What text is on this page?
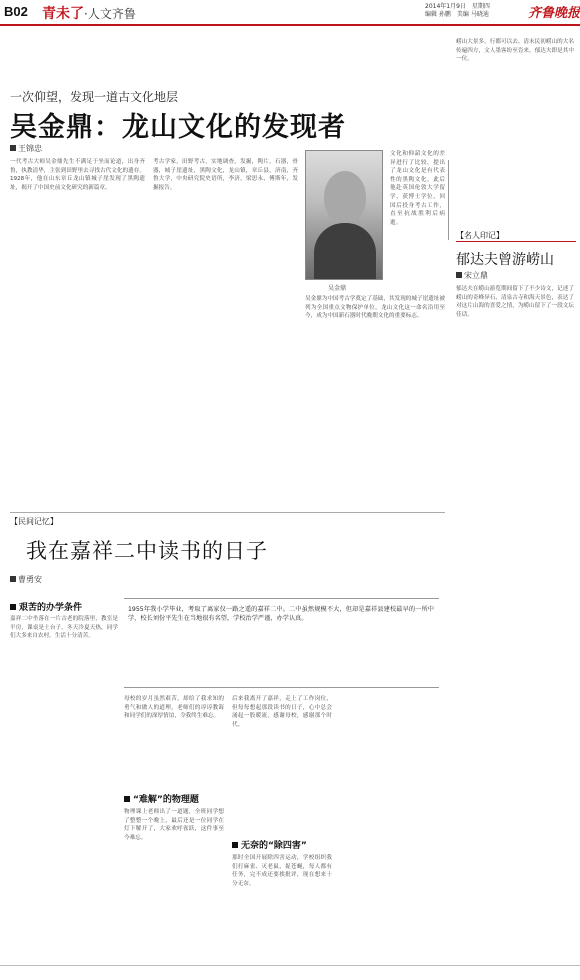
B02 青未了·人文齐鲁
2014年1月9日　星期四
编辑 孙鹏　美编 马晓迪	齐鲁晚报
一次仰望，发现一道古文化地层
吴金鼎：龙山文化的发现者
王锦忠
一代考古大师吴金鼎先生不满足于坐而论道，出身齐鲁，执教清华，主张到田野里去寻找古代文化的遗存。1928年，他在山东章丘龙山镇城子崖发现了黑陶遗址，揭开了中国史前文化研究的新篇章。
考古学家，田野考古，实地调查，发掘，陶片，石器，骨器，城子崖遗址，黑陶文化，龙山镇，章丘县，济南，齐鲁大学，中央研究院史语所，李济，梁思永，傅斯年，发掘报告。
吴金鼎
吴金鼎为中国考古学奠定了基础，其发现的城子崖遗址被列为全国重点文物保护单位，龙山文化这一命名沿用至今，成为中国新石器时代晚期文化的重要标志。
文化和仰韶文化的差异进行了比较，提出了龙山文化是有代表性的黑陶文化。此后他赴英国伦敦大学留学，获博士学位，回国后投身考古工作，直至抗战胜利后病逝。
崂山大景多，行都可以去。清末民初崂山的大名传遍四方，文人墨客纷至沓来，郁达夫即是其中一位。
【名人印记】
郁达夫曾游崂山
宋立鼎
郁达夫在崂山游览期间留下了不少诗文，记述了崂山的奇峰异石、清泉古寺和海天景色，表达了对这片山海的喜爱之情，为崂山留下了一段文坛佳话。
【民间记忆】
我在嘉祥二中读书的日子
曹勇安
艰苦的办学条件
嘉祥二中坐落在一片古老的院落里，教室是平房，课桌是土台子，冬天冷夏天热，同学们大多来自农村，生活十分清苦。
1955年我小学毕业，考取了离家仅一路之遥的嘉祥二中。二中虽然规模不大，但却是嘉祥县建校最早的一所中学，校长刘份平先生在当地很有名望，学校治学严谨，办学认真。
母校的岁月虽然艰苦，却给了我求知的勇气和做人的道理，老师们的谆谆教诲和同学们的深厚情谊，令我终生难忘。
“难解”的物理题
物理课上老师出了一道题，全班同学想了整整一个晚上，最后还是一位同学在灯下解开了，大家欢呼雀跃，这件事至今难忘。
后来我离开了嘉祥，走上了工作岗位，但每每想起那段读书的日子，心中总会涌起一股暖流，感谢母校，感谢那个时代。
无奈的“除四害”
那时全国开展除四害运动，学校组织我们打麻雀、灭老鼠、捉苍蝇，每人都有任务，完不成还要挨批评，现在想来十分无奈。
